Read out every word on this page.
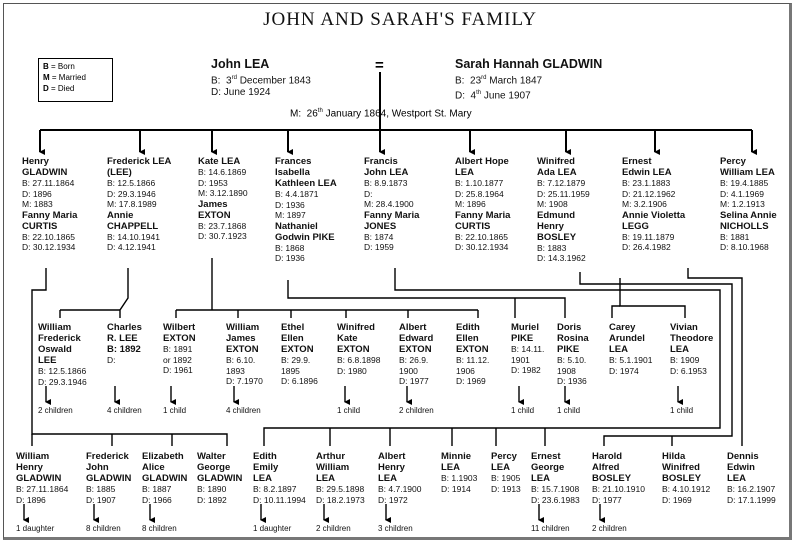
JOHN AND SARAH'S FAMILY
B = Born
M = Married
D = Died
John LEA
B:  3rd December 1843
D: June 1924
=	Sarah Hannah GLADWIN
B:  23rd March 1847
D:  4th June 1907
M:  26th January 1864, Westport St. Mary
Henry
GLADWIN
B: 27.11.1864
D: 1896
M: 1883
Fanny Maria
CURTIS
B: 22.10.1865
D: 30.12.1934
Frederick LEA
(LEE)
B: 12.5.1866
D: 29.3.1946
M: 17.8.1989
Annie
CHAPPELL
B: 14.10.1941
D: 4.12.1941
Kate LEA
B: 14.6.1869
D: 1953
M: 3.12.1890
James
EXTON
B: 23.7.1868
D: 30.7.1923
Frances
Isabella
Kathleen LEA
B: 4.4.1871
D: 1936
M: 1897
Nathaniel
Godwin PIKE
B: 1868
D: 1936
Francis
John LEA
B: 8.9.1873
D:
M: 28.4.1900
Fanny Maria
JONES
B: 1874
D: 1959
Albert Hope
LEA
B: 1.10.1877
D: 25.8.1964
M: 1896
Fanny Maria
CURTIS
B: 22.10.1865
D: 30.12.1934
Winifred
Ada LEA
B: 7.12.1879
D: 25.11.1959
M: 1908
Edmund
Henry
BOSLEY
B: 1883
D: 14.3.1962
Ernest
Edwin LEA
B: 23.1.1883
D: 21.12.1962
M: 3.2.1906
Annie Violetta
LEGG
B: 19.11.1879
D: 26.4.1982
Percy
William LEA
B: 19.4.1885
D: 4.1.1969
M: 1.2.1913
Selina Annie
NICHOLLS
B: 1881
D: 8.10.1968
William
Frederick
Oswald
LEE
B: 12.5.1866
D: 29.3.1946
2 children
Charles
R. LEE
B: 1892
D:
4 children
Wilbert
EXTON
B: 1891
or 1892
D: 1961
1 child
William
James
EXTON
B: 6.10.
1893
D: 7.1970
4 children
Ethel
Ellen
EXTON
B: 29.9.
1895
D: 6.1896
Winifred
Kate
EXTON
B: 6.8.1898
D: 1980
1 child
Albert
Edward
EXTON
B: 26.9.
1900
D: 1977
2 children
Edith
Ellen
EXTON
B: 11.12.
1906
D: 1969
Muriel
PIKE
B: 14.11.
1901
D: 1982
1 child
Doris
Rosina
PIKE
B: 5.10.
1908
D: 1936
1 child
Carey
Arundel
LEA
B: 5.1.1901
D: 1974
Vivian
Theodore
LEA
B: 1909
D: 6.1953
1 child
William
Henry
GLADWIN
B: 27.11.1864
D: 1896
1 daughter
Frederick
John
GLADWIN
B: 1885
D: 1907
8 children
Elizabeth
Alice
GLADWIN
B: 1887
D: 1966
8 children
Walter
George
GLADWIN
B: 1890
D: 1892
Edith
Emily
LEA
B: 8.2.1897
D: 10.11.1994
1 daughter
Arthur
William
LEA
B: 29.5.1898
D: 18.2.1973
2 children
Albert
Henry
LEA
B: 4.7.1900
D: 1972
3 children
Minnie
LEA
B: 1.1903
D: 1914
Percy
LEA
B: 1905
D: 1913
Ernest
George
LEA
B: 15.7.1908
D: 23.6.1983
11 children
Harold
Alfred
BOSLEY
B: 21.10.1910
D: 1977
2 children
Hilda
Winifred
BOSLEY
B: 4.10.1912
D: 1969
Dennis
Edwin
LEA
B: 16.2.1907
D: 17.1.1999
